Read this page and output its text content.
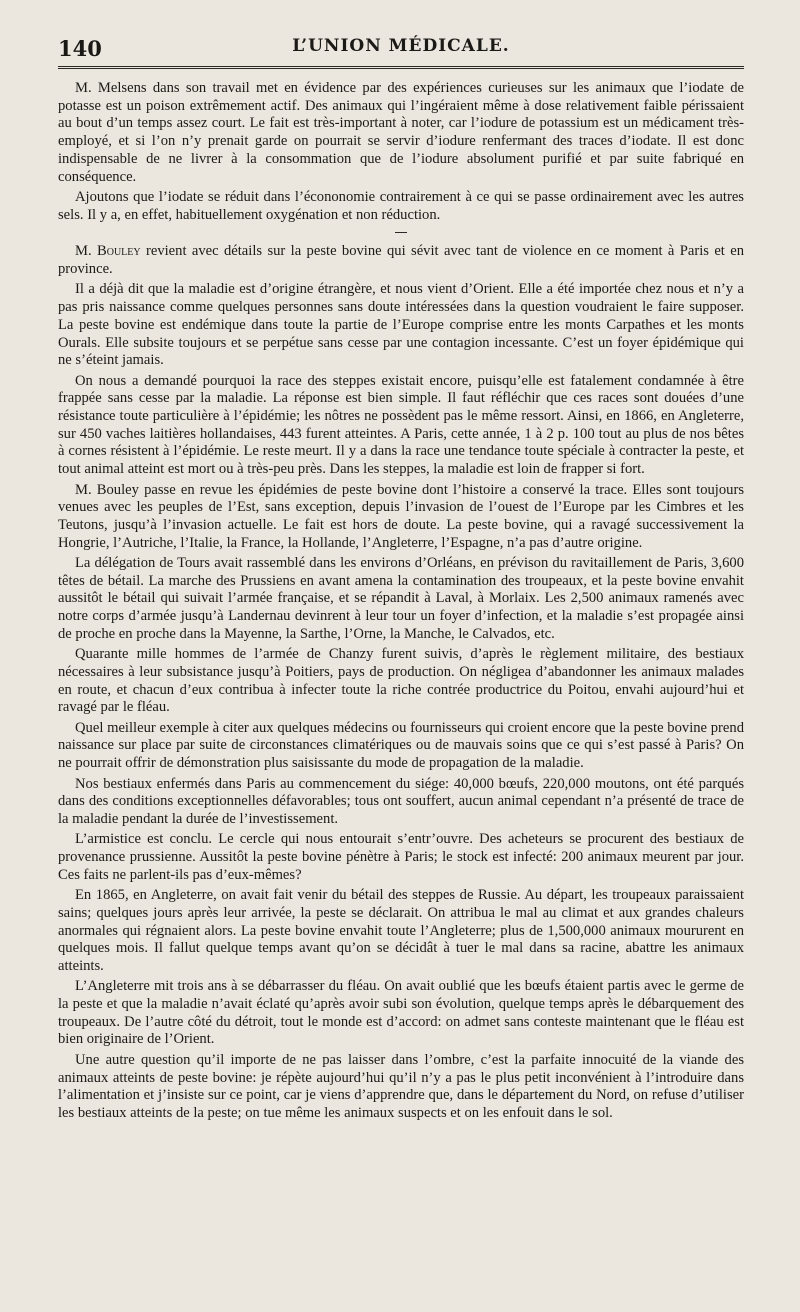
140	L’UNION MÉDICALE.

M. Melsens dans son travail met en évidence par des expériences curieuses sur les animaux que l’iodate de potasse est un poison extrêmement actif. Des animaux qui l’ingéraient même à dose relativement faible périssaient au bout d’un temps assez court. Le fait est très-important à noter, car l’iodure de potassium est un médicament très-employé, et si l’on n’y prenait garde on pourrait se servir d’iodure renfermant des traces d’iodate. Il est donc indispensable de ne livrer à la consommation que de l’iodure absolument purifié et par suite fabriqué en conséquence.

Ajoutons que l’iodate se réduit dans l’écononomie contrairement à ce qui se passe ordinairement avec les autres sels. Il y a, en effet, habituellement oxygénation et non réduction.

M. Bouley revient avec détails sur la peste bovine qui sévit avec tant de violence en ce moment à Paris et en province.

Il a déjà dit que la maladie est d’origine étrangère, et nous vient d’Orient. Elle a été importée chez nous et n’y a pas pris naissance comme quelques personnes sans doute intéressées dans la question voudraient le faire supposer. La peste bovine est endémique dans toute la partie de l’Europe comprise entre les monts Carpathes et les monts Ourals. Elle subsite toujours et se perpétue sans cesse par une contagion incessante. C’est un foyer épidémique qui ne s’éteint jamais.

On nous a demandé pourquoi la race des steppes existait encore, puisqu’elle est fatalement condamnée à être frappée sans cesse par la maladie. La réponse est bien simple. Il faut réfléchir que ces races sont douées d’une résistance toute particulière à l’épidémie; les nôtres ne possèdent pas le même ressort. Ainsi, en 1866, en Angleterre, sur 450 vaches laitières hollandaises, 443 furent atteintes. A Paris, cette année, 1 à 2 p. 100 tout au plus de nos bêtes à cornes résistent à l’épidémie. Le reste meurt. Il y a dans la race une tendance toute spéciale à contracter la peste, et tout animal atteint est mort ou à très-peu près. Dans les steppes, la maladie est loin de frapper si fort.

M. Bouley passe en revue les épidémies de peste bovine dont l’histoire a conservé la trace. Elles sont toujours venues avec les peuples de l’Est, sans exception, depuis l’invasion de l’ouest de l’Europe par les Cimbres et les Teutons, jusqu’à l’invasion actuelle. Le fait est hors de doute. La peste bovine, qui a ravagé successivement la Hongrie, l’Autriche, l’Italie, la France, la Hollande, l’Angleterre, l’Espagne, n’a pas d’autre origine.

La délégation de Tours avait rassemblé dans les environs d’Orléans, en prévison du ravitaillement de Paris, 3,600 têtes de bétail. La marche des Prussiens en avant amena la contamination des troupeaux, et la peste bovine envahit aussitôt le bétail qui suivait l’armée française, et se répandit à Laval, à Morlaix. Les 2,500 animaux ramenés avec notre corps d’armée jusqu’à Landernau devinrent à leur tour un foyer d’infection, et la maladie s’est propagée ainsi de proche en proche dans la Mayenne, la Sarthe, l’Orne, la Manche, le Calvados, etc.

Quarante mille hommes de l’armée de Chanzy furent suivis, d’après le règlement militaire, des bestiaux nécessaires à leur subsistance jusqu’à Poitiers, pays de production. On négligea d’abandonner les animaux malades en route, et chacun d’eux contribua à infecter toute la riche contrée productrice du Poitou, envahi aujourd’hui et ravagé par le fléau.

Quel meilleur exemple à citer aux quelques médecins ou fournisseurs qui croient encore que la peste bovine prend naissance sur place par suite de circonstances climatériques ou de mauvais soins que ce qui s’est passé à Paris? On ne pourrait offrir de démonstration plus saisissante du mode de propagation de la maladie.

Nos bestiaux enfermés dans Paris au commencement du siége: 40,000 bœufs, 220,000 moutons, ont été parqués dans des conditions exceptionnelles défavorables; tous ont souffert, aucun animal cependant n’a présenté de trace de la maladie pendant la durée de l’investissement.

L’armistice est conclu. Le cercle qui nous entourait s’entr’ouvre. Des acheteurs se procurent des bestiaux de provenance prussienne. Aussitôt la peste bovine pénètre à Paris; le stock est infecté: 200 animaux meurent par jour. Ces faits ne parlent-ils pas d’eux-mêmes?

En 1865, en Angleterre, on avait fait venir du bétail des steppes de Russie. Au départ, les troupeaux paraissaient sains; quelques jours après leur arrivée, la peste se déclarait. On attribua le mal au climat et aux grandes chaleurs anormales qui régnaient alors. La peste bovine envahit toute l’Angleterre; plus de 1,500,000 animaux moururent en quelques mois. Il fallut quelque temps avant qu’on se décidât à tuer le mal dans sa racine, abattre les animaux atteints.

L’Angleterre mit trois ans à se débarrasser du fléau. On avait oublié que les bœufs étaient partis avec le germe de la peste et que la maladie n’avait éclaté qu’après avoir subi son évolution, quelque temps après le débarquement des troupeaux. De l’autre côté du détroit, tout le monde est d’accord: on admet sans conteste maintenant que le fléau est bien originaire de l’Orient.

Une autre question qu’il importe de ne pas laisser dans l’ombre, c’est la parfaite innocuité de la viande des animaux atteints de peste bovine: je répète aujourd’hui qu’il n’y a pas le plus petit inconvénient à l’introduire dans l’alimentation et j’insiste sur ce point, car je viens d’apprendre que, dans le département du Nord, on refuse d’utiliser les bestiaux atteints de la peste; on tue même les animaux suspects et on les enfouit dans le sol.
